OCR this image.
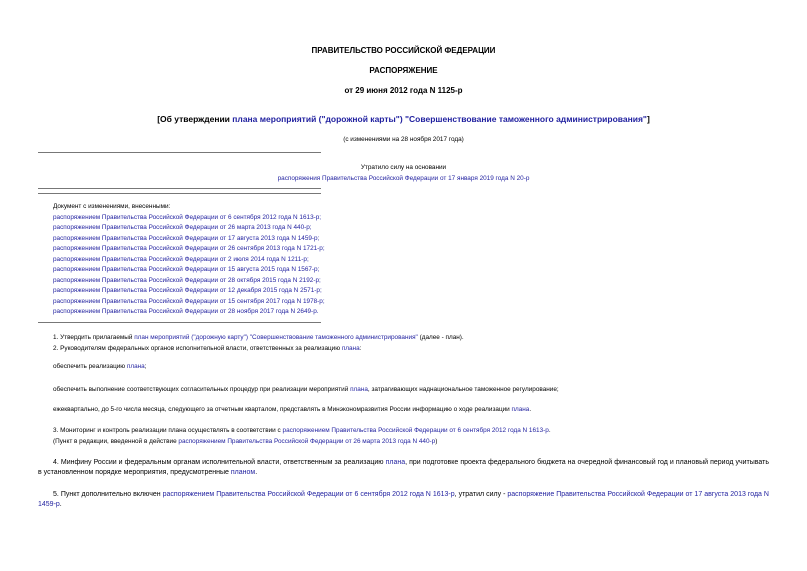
ПРАВИТЕЛЬСТВО РОССИЙСКОЙ ФЕДЕРАЦИИ
РАСПОРЯЖЕНИЕ
от 29 июня 2012 года N 1125-р
[Об утверждении плана мероприятий ("дорожной карты") "Совершенствование таможенного администрирования"]
(с изменениями на 28 ноября 2017 года)
Утратило силу на основании
распоряжения Правительства Российской Федерации от 17 января 2019 года N 20-р
Документ с изменениями, внесенными:
распоряжением Правительства Российской Федерации от 6 сентября 2012 года N 1613-р;
распоряжением Правительства Российской Федерации от 26 марта 2013 года N 440-р;
распоряжением Правительства Российской Федерации от 17 августа 2013 года N 1459-р;
распоряжением Правительства Российской Федерации от 26 сентября 2013 года N 1721-р;
распоряжением Правительства Российской Федерации от 2 июля 2014 года N 1211-р;
распоряжением Правительства Российской Федерации от 15 августа 2015 года N 1567-р;
распоряжением Правительства Российской Федерации от 28 октября 2015 года N 2192-р;
распоряжением Правительства Российской Федерации от 12 декабря 2015 года N 2571-р;
распоряжением Правительства Российской Федерации от 15 сентября 2017 года N 1978-р;
распоряжением Правительства Российской Федерации от 28 ноября 2017 года N 2649-р.
1. Утвердить прилагаемый план мероприятий ("дорожную карту") "Совершенствование таможенного администрирования" (далее - план).
2. Руководителям федеральных органов исполнительной власти, ответственных за реализацию плана:
обеспечить реализацию плана;
обеспечить выполнение соответствующих согласительных процедур при реализации мероприятий плана, затрагивающих наднациональное таможенное регулирование;
ежеквартально, до 5-го числа месяца, следующего за отчетным кварталом, представлять в Минэкономразвития России информацию о ходе реализации плана.
3. Мониторинг и контроль реализации плана осуществлять в соответствии с распоряжением Правительства Российской Федерации от 6 сентября 2012 года N 1613-р.
(Пункт в редакции, введенной в действие распоряжением Правительства Российской Федерации от 26 марта 2013 года N 440-р)
4. Минфину России и федеральным органам исполнительной власти, ответственным за реализацию плана, при подготовке проекта федерального бюджета на очередной финансовый год и плановый период учитывать в установленном порядке мероприятия, предусмотренные планом.
5. Пункт дополнительно включен распоряжением Правительства Российской Федерации от 6 сентября 2012 года N 1613-р, утратил силу - распоряжение Правительства Российской Федерации от 17 августа 2013 года N 1459-р.
